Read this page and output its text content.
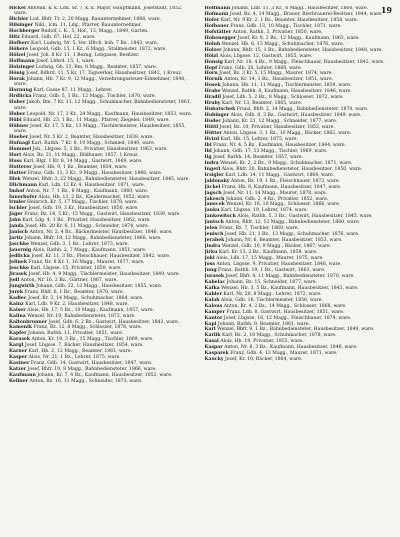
19

Hickel Antonin, k. k. Ldd. Sr. 7, k. k. Major, Hauptmann, Josefstadt, 1852, ware.

Hichler Lud. Bhfr. Tr. 2, 20 Magg. Bauunternehmer, 1888, ware.

Hilsinger Nikl., lcm. 11, Ldg., Pfarrer, Bauunternehmer.

Hochberger Rudolf, i. K., 5, Hof., 13, Magg., 1849, Garten.

Hitz Eduard, Gdb. 67, Hof. 22, ware.

Hofherr Karl, Ludwig, Nr. 5, Ver. Hltch. hoh. 7 Bz., 1843, ware.

Höhere Leopold, Gdb. 15, 1 Kr., 6 Magg., Stallmeister, 1872, ware.

Hölzel Josef, Joh. 8 Kr. 11, 1 Bezug, Lobgasse, Besitzer.

Hoffmann Josef, Lbhrd. 15, 1, ware.

Holzinger Ludwig, Gb. 13, Bm. 8 Magg., Beamter, 1857, ware.

Hönig Josef, Bdhrd. 11, 5 Kr. 17, Tagwerker, Hausbesitzer, 1842, 1 Kreuz.

Horak Johann, Hb. 7 Kr. 9, 12 Magg., Verzehrungssteuer-Einnehmer, 1848, ware.

Hornung Karl, Gasse 87, 11 Magg., Lehrer.

Hrdlicka Franz, Gdb. 5, 1 Bz., 12 Magg., Tischler, 1870, ware.

Huber Jakob, Bm. 7 Kr. 11, 12 Magg., Schuhmacher, Bahnbediensteter, 1861, ware.

Huber Leopold, Nr. 17, 3 Kr., 24 Magg., Kaufmann, Hausbesitzer, 1853, ware.

Hübl Eduard, Hb. 23, 1 Bz., 11 Magg., Pfarrer, Ziegelei, 1849, ware.

Hübner Josef, Kr. 17, 5 Bz., 13 Magg., Tischlermeister, Hausbesitzer, 1855, ware.

Hueber Josef, Nr. 5 Kr. 2, Beamter, Hausbesitzer, 1838, ware.

Hufnagl Karl, Rathh. 7 Kr. 8, 10 Magg., Schmied, 1840, ware.

Hummel Joh., Lbgsse. 5, 1 Bz., Privatier, Hausbesitzer, 1863, ware.

Hurt Alois, Bz. 21, 11 Magg., Bildhauer, 1857, 1 Kreuz.

Huss Karl, Blgr. 1 Kr. 8, 14 Magg., Gastwirt, 1869, ware.

Hutterer Josef, Hb. 9, 1 Bz., Beamter, 1854, ware.

Hutter Franz, Gdb. 11, 3 Kr., 9 Magg., Hausbesitzer, 1866, ware.

Illek Wenzel, Bhfr. 3, 22 Magg., Bahnbediensteter, Hausbesitzer, 1845, ware.

Illichmann Karl, Ldb. 12 Kr. 4, Hausbesitzer, 1871, ware.

Imhof Anton, Nr. 7, 1 Bz., 8 Magg., Kaufmann, 1860, ware.

Innerhofer Alois, Hb. 13, 2 Bz., Kleidermacher, 1852, ware.

Irmler Heinrich, Kr. 5, 17 Magg., Tischler, 1878, ware.

Ischler Josef, Gdb. 19, 3 Kr., Hausbesitzer, 1850, ware.

Jäger Franz, Bz. 14, 5 Kr., 15 Magg., Gastwirt, Hausbesitzer, 1839, ware.

Jahn Karl, Ldg. 4, 1 Bz., Privatier, Hausbesitzer, 1862, ware.

Janda Josef, Hb. 20 Kr. 6, 11 Magg., Schneider, 1874, ware.

Janisch Anton, Nr. 2, 4 Bz., Bäckermeister, Hausbesitzer, 1846, ware.

Jaritz Johann, Bhfr. 18, 12 Magg., Bahnbediensteter, 1868, ware.

Jaschke Wenzel, Gdb. 3, 1 Bz., Lehrer, 1873, ware.

Jauernig Alois, Rathh. 2, 7 Magg., Kaufmann, 1851, ware.

Jedlicka Josef, Kr. 11, 3 Bz., Fleischhauer, Hausbesitzer, 1842, ware.

Jelinek Franz, Bz. 8 Kr. 1, 16 Magg., Maurer, 1877, ware.

Jeschke Karl, Lbgsse. 15, Privatier, 1859, ware.

Jirasek Josef, Hb. 4, 9 Magg., Tischlermeister, Hausbesitzer, 1849, ware.

Jodl Anton, Nr. 16, 2 Bz., Gärtner, 1867, ware.

Jungwirth Johann, Gdb. 22, 13 Magg., Hausbesitzer, 1855, ware.

Jurek Franz, Bhfr. 6, 1 Bz., Beamter, 1870, ware.

Kadlec Josef, Kr. 3, 14 Magg., Schuhmacher, 1864, ware.

Kainz Karl, Ldb. 9 Kr. 2, Hausbesitzer, 1848, ware.

Kaiser Alois, Hb. 17, 5 Bz., 10 Magg., Kaufmann, 1857, ware.

Kalina Wenzel, Nr. 10, Bahnbediensteter, 1872, ware.

Kaltenbrunner Josef, Gdb. 6, 2 Bz., Gastwirt, Hausbesitzer, 1843, ware.

Kamenik Franz, Bz. 12, 8 Magg., Schlosser, 1876, ware.

Kapfer Johann, Rathh. 11, Privatier, 1851, ware.

Karasek Anton, Kr. 19, 3 Bz., 15 Magg., Tischler, 1869, ware.

Kargl Josef, Lbgsse. 7, Bäcker, Hausbesitzer, 1854, ware.

Karner Karl, Hb. 2, 12 Magg., Beamter, 1861, ware.

Kasper Alois, Nr. 21, 1 Bz., Lehrer, 1875, ware.

Kastner Franz, Gdb. 14, Gastwirt, Hausbesitzer, 1847, ware.

Katzer Josef, Bhfr. 10, 9 Magg., Bahnbediensteter, 1866, ware.

Kaufmann Johann, Kr. 7, 4 Bz., Kaufmann, Hausbesitzer, 1852, ware.

Kellner Anton, Bz. 16, 11 Magg., Schneider, 1873, ware.

Hoffmann Johann, Ldb. 11, 3 Kr., 6 Magg., Hausbesitzer, 1860, ware.

Hofmann Josef, Bz. 4, 14 Magg., Brauer, Bierbrauerei-Besitzer, 1844, ware.

Hofer Karl, Nr. 9 Kr. 2, 1 Bz., Beamter, Hausbesitzer, 1858, ware.

Hofbauer Franz, Gdb. 13, 10 Magg., Tischler, 1871, ware.

Hofstätter Anton, Rathh. 3, Privatier, 1850, ware.

Hohenegger Josef, Kr. 8, 2 Bz., 12 Magg., Kaufmann, 1863, ware.

Holub Wenzel, Hb. 6, 13 Magg., Schuhmacher, 1876, ware.

Holzer Johann, Bhfr. 15, 1 Bz., Bahnbediensteter, Hausbesitzer, 1848, ware.

Hölzl Alois, Lbgsse. 12, Gastwirt, 1855, ware.

Honsig Karl, Nr. 18, 4 Bz., 9 Magg., Fleischhauer, Hausbesitzer, 1842, ware.

Hopf Franz, Gdb. 20, Lehrer, 1868, ware.

Horn Josef, Bz. 3 Kr. 5, 15 Magg., Maurer, 1874, ware.

Hornik Anton, Kr. 14, 1 Bz., Hausbesitzer, 1851, ware.

Hosek Johann, Hb. 11, 11 Magg., Tischlermeister, 1859, ware.

Hrabe Wenzel, Rathh. 8, Kaufmann, Hausbesitzer, 1846, ware.

Hradil Josef, Ldb. 5, 2 Bz., 8 Magg., Schlosser, 1872, ware.

Hruby Karl, Nr. 13, Beamter, 1865, ware.

Hubatschek Franz, Bhfr. 2, 14 Magg., Bahnbediensteter, 1870, ware.

Hubinger Alois, Gdb. 8, 3 Bz., Gastwirt, Hausbesitzer, 1849, ware.

Hudec Johann, Kr. 21, 12 Magg., Schneider, 1877, ware.

Hüttl Josef, Bz. 10, Privatier, Hausbesitzer, 1853, ware.

Hütter Anton, Lbgsse. 3, 1 Bz., 10 Magg., Bäcker, 1862, ware.

Hvizd Karl, Hb. 15, Lehrer, 1875, ware.

Ibl Franz, Nr. 4, 5 Bz., Kaufmann, Hausbesitzer, 1844, ware.

Ihl Johann, Gdb. 17, 13 Magg., Tischler, 1869, ware.

Ilg Josef, Rathh. 14, Beamter, 1857, ware.

Indra Wenzel, Kr. 2, 2 Bz., 9 Magg., Schuhmacher, 1871, ware.

Ingerl Alois, Bhfr. 20, Bahnbediensteter, Hausbesitzer, 1850, ware.

Irsigler Karl, Ldb. 14, 11 Magg., Gastwirt, 1864, ware.

Jablonsky Anton, Bz. 19, 1 Bz., Fleischhauer, 1873, ware.

Jäckel Franz, Hb. 8, Kaufmann, Hausbesitzer, 1847, ware.

Jagsch Josef, Nr. 11, 14 Magg., Maurer, 1878, ware.

Jakesch Johann, Gdb. 2, 4 Bz., Privatier, 1852, ware.

Janecek Wenzel, Kr. 16, 10 Magg., Schlosser, 1866, ware.

Janku Karl, Lbgsse. 19, Lehrer, 1874, ware.

Jankowitsch Alois, Rathh. 5, 3 Bz., Gastwirt, Hausbesitzer, 1845, ware.

Jantsch Anton, Bhfr. 12, 12 Magg., Bahnbediensteter, 1860, ware.

Jelen Franz, Bz. 7, Tischler, 1869, ware.

Jenisch Josef, Hb. 21, 1 Bz., 13 Magg., Schuhmacher, 1876, ware.

Jerabek Johann, Nr. 6, Beamter, Hausbesitzer, 1853, ware.

Jindra Wenzel, Gdb. 10, 9 Magg., Bäcker, 1867, ware.

Jirku Karl, Kr. 13, 2 Bz., Kaufmann, 1858, ware.

Jokl Alois, Ldb. 17, 15 Magg., Maurer, 1875, ware.

Joss Anton, Lbgsse. 9, Privatier, Hausbesitzer, 1848, ware.

Jung Franz, Rathh. 19, 1 Bz., Gastwirt, 1863, ware.

Jurasek Josef, Bhfr. 4, 11 Magg., Bahnbediensteter, 1870, ware.

Kabelac Johann, Bz. 15, Schneider, 1877, ware.

Kafka Wenzel, Hb. 3, 5 Bz., Kaufmann, Hausbesitzer, 1843, ware.

Kahler Karl, Nr. 20, 8 Magg., Lehrer, 1872, ware.

Kalab Alois, Gdb. 16, Tischlermeister, 1856, ware.

Kalous Anton, Kr. 4, 2 Bz., 14 Magg., Schlosser, 1868, ware.

Kamper Franz, Ldb. 8, Gastwirt, Hausbesitzer, 1851, ware.

Kantor Josef, Lbgsse. 16, 12 Magg., Fleischhauer, 1874, ware.

Kapl Johann, Rathh. 9, Beamter, 1861, ware.

Karl Wenzel, Bhfr. 9, 1 Bz., Bahnbediensteter, Hausbesitzer, 1849, ware.

Karlik Karl, Bz. 2, 10 Magg., Schuhmacher, 1878, ware.

Kasal Alois, Hb. 19, Privatier, 1855, ware.

Kaspar Anton, Nr. 8, 3 Bz., Kaufmann, Hausbesitzer, 1846, ware.

Kasparek Franz, Gdb. 4, 13 Magg., Maurer, 1871, ware.

Kaucky Josef, Kr. 10, Bäcker, 1864, ware.
